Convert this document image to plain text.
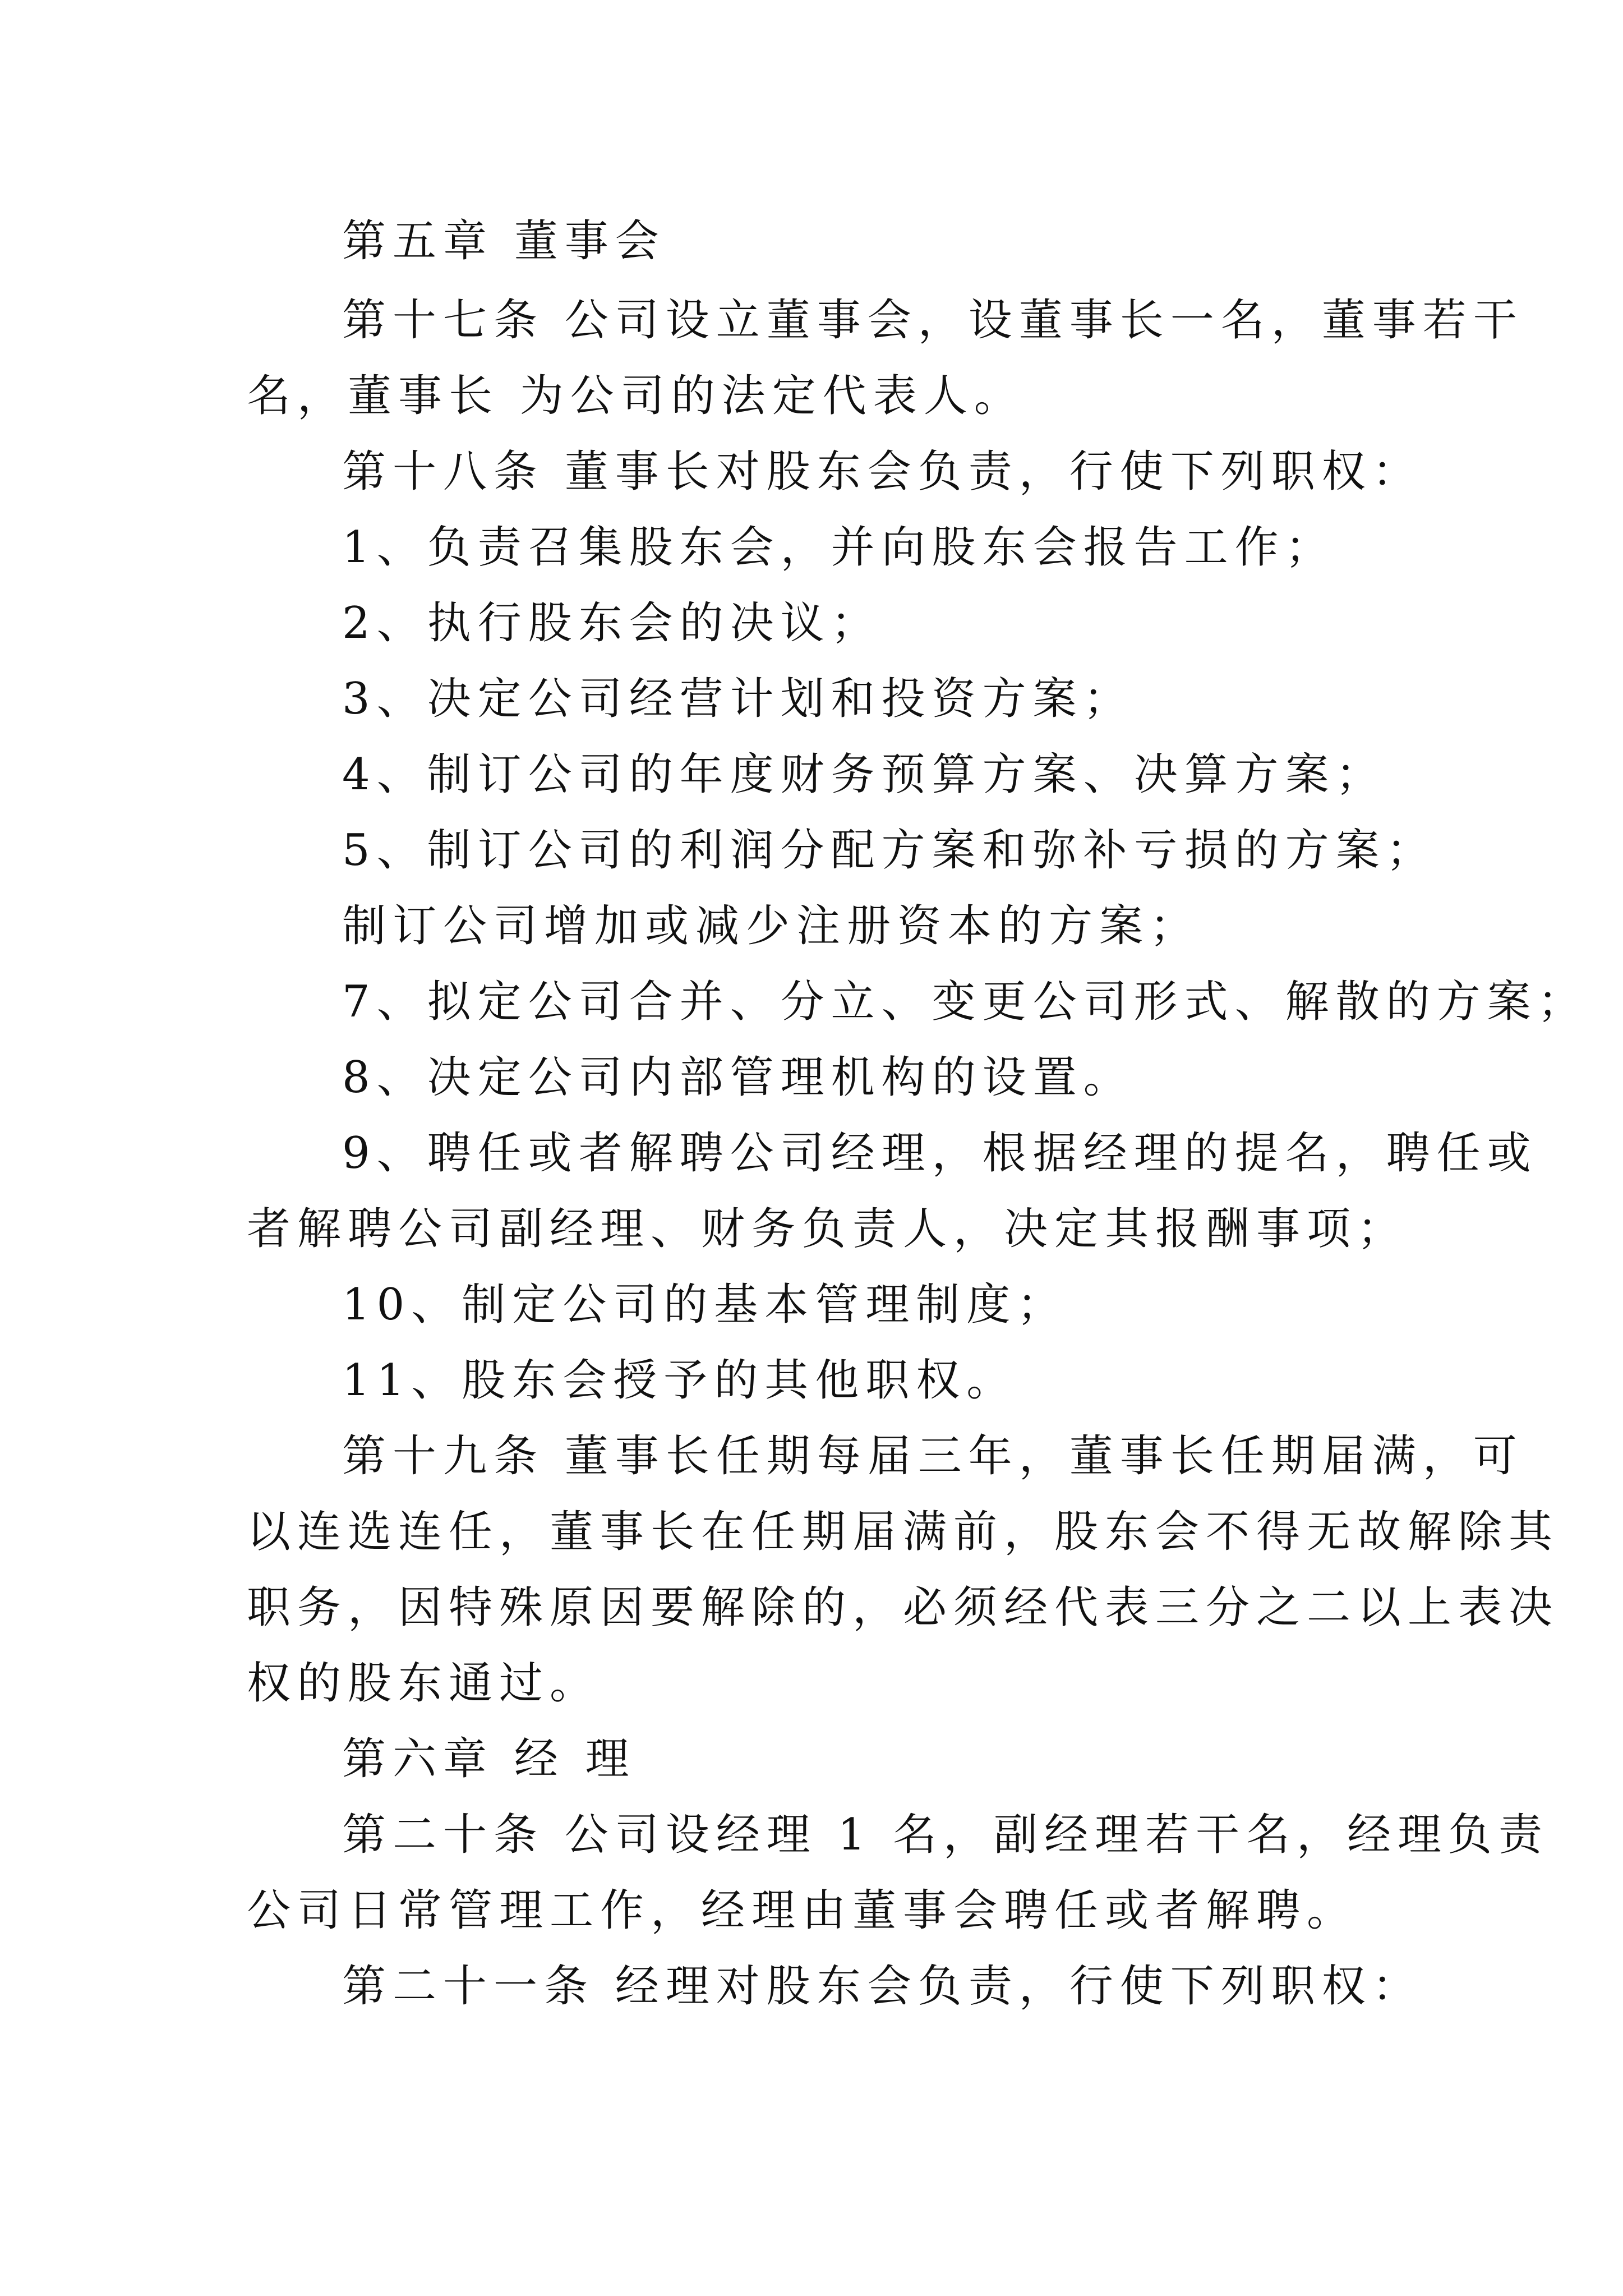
第五章 董事会
第十七条 公司设立董事会，设董事长一名，董事若干
名，董事长 为公司的法定代表人。
第十八条 董事长对股东会负责，行使下列职权：
1、负责召集股东会，并向股东会报告工作；
2、执行股东会的决议；
3、决定公司经营计划和投资方案；
4、制订公司的年度财务预算方案、决算方案；
5、制订公司的利润分配方案和弥补亏损的方案；
制订公司增加或减少注册资本的方案；
7、拟定公司合并、分立、变更公司形式、解散的方案；
8、决定公司内部管理机构的设置。
9、聘任或者解聘公司经理，根据经理的提名，聘任或
者解聘公司副经理、财务负责人，决定其报酬事项；
10、制定公司的基本管理制度；
11、股东会授予的其他职权。
第十九条 董事长任期每届三年，董事长任期届满，可
以连选连任，董事长在任期届满前，股东会不得无故解除其
职务，因特殊原因要解除的，必须经代表三分之二以上表决
权的股东通过。
第六章 经 理
第二十条 公司设经理 1 名，副经理若干名，经理负责
公司日常管理工作，经理由董事会聘任或者解聘。
第二十一条 经理对股东会负责，行使下列职权：
